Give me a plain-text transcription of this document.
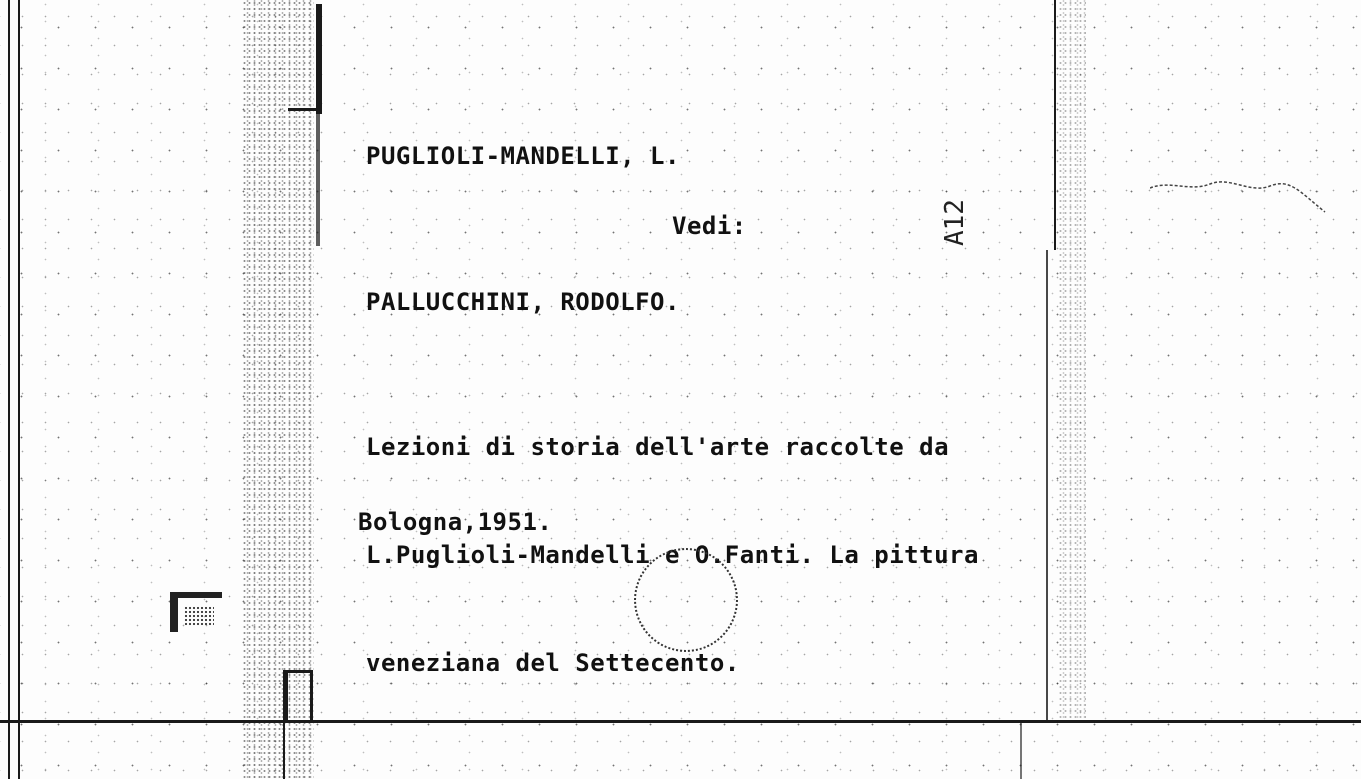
PUGLIOLI-MANDELLI, L.

Vedi:	A12

PALLUCCHINI, RODOLFO.

Lezioni di storia dell'arte raccolte da

L.Puglioli-Mandelli e O.Fanti. La pittura

veneziana del Settecento.

Bologna,1951.
